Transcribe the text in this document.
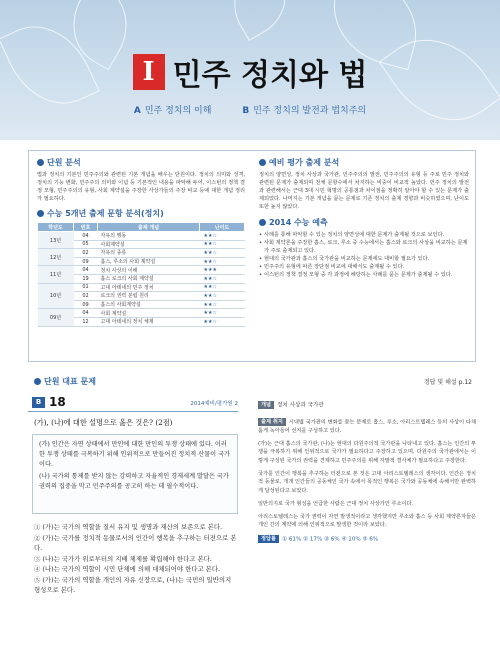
I 민주 정치와 법
A 민주 정치의 이해	B 민주 정치의 발전과 법치주의
단원 분석

법과 정치의 기본인 민주주의와 관련된 기본 개념을 배우는 단원이다. 정치의 의미와 성격, 정치의 기능 변화, 민주주의 의미와 이념 등 기본적인 내용을 파악해 두어, 이스턴의 정책 결정 모형, 민주주의의 유형, 사회 계약설을 주장한 사상가들의 주장 비교 등에 대한 개념 정리가 필요하다.

수능 5개년 출제 문항 분석(정치)
학년도	번호	출제 개념	난이도
13년	04	자유의 행동	★★☆
	05	사회계약설	★★☆
12년	02	자유의 종류	★★☆
	09	홉스, 루소의 사회 계약설	★★☆
11년	04	정치 사상의 이해	★★★
	19	홉스 로크의 사회 계약설	★★☆
10년	01	고대 아테네의 민주 정치	★★☆
	02	로크의 권력 분립 원리	★★☆
	09	홉스의 사회계약설	★★☆
09년	04	사회 계약설	★★☆
	12	고대 아테네의 정치 체제	★★☆
예비 평가 출제 분석

정치의 양면성, 정치 사상과 국가관, 민주주의의 발전, 민주주의의 유형 등 주로 민주 정치와 관련된 문제가 출제되며 전체 문항수에서 차지하는 비중이 비교적 높았다. 민주 정치의 발전과 관련해서는 근대 3대 시민 혁명의 공통점과 차이점을 정확히 알아야 할 수 있는 문제가 출제되었다. 나머지는 기본 개념을 묻는 문제로 기존 정치의 출제 경향과 비슷하였으며, 난이도 또한 높지 않았다.

2014 수능 예측
• 사례를 통해 파악할 수 있는 정치의 양면성에 대한 문제가 출제될 것으로 보인다.
• 사회 계약론을 주장한 홉스, 로크, 루소 중 수능에서는 홉스와 로크의 사상을 비교하는 문제가 주로 출제되고 있다.
• 현대의 국가관과 홉스의 국가관을 비교하는 문제에도 대비할 필요가 있다.
• 민주주의 유형에 따른 장단점 비교에 대해서도 출제될 수 있다.
• 이스턴의 정책 결정 모형 중 각 과정에 해당하는 사례를 묻는 문제가 출제될 수 있다.
단원 대표 문제	정답 및 해설 p.12
B 18	2014예비/평가원 2

(가), (나)에 대한 설명으로 옳은 것은? (2점)

(가) 인간은 자연 상태에서 만인에 대한 만인의 투쟁 상태에 있다. 이러한 투쟁 상태를 극복하기 위해 인위적으로 만들어진 정치적 산물이 국가이다.

(나) 국가의 통제를 받지 않는 강력하고 자율적인 경제세계 발달은 국가 권력의 집중을 막고 민주주의를 공고히 하는 데 필수적이다.

① (가)는 국가의 역할을 질서 유지 및 생명과 재산의 보존으로 본다.
② (가)는 국가를 정치적 동물로서의 인간이 행복을 추구하는 터전으로 본다.
③ (나)는 국가가 위로부터의 지배 체제를 확립해야 한다고 본다.
④ (나)는 국가의 역할이 시민 단체에 의해 대체되어야 한다고 본다.
⑤ (가)는 국가의 역할을 개인의 자유 신장으로, (나)는 국민의 일반의지 형성으로 본다.
개념 정치 사상과 국가관

출제 취지 시대별 국가관의 변화를 묻는 문제로 홉스, 루소, 아리스토텔레스 등의 사상이 다채롭게 녹아들어 선지를 구성하고 있다.

(가)는 근대 홉스의 국가관, (나)는 현대의 다원주의적 국가관을 나타내고 있다. 홉스는 인간의 투쟁을 극복하기 위해 인위적으로 국가가 필요하다고 주장하고 있으며, 다원주의 국가관에서는 이렇게 구성된 국가의 권력을 견제하고 민주주의를 위해 자발적 결사체가 필요하다고 주장한다.

국가를 인간이 행복을 추구하는 터전으로 본 것은 고대 아리스토텔레스의 생각이다. 인간은 정치적 동물로, 개개 인간들의 공동체인 국가 속에서 목적인 행복은 국가와 공동체에 속해서만 완벽하게 달성된다고 보았다.

일반의지로 국가 형성을 언급한 사람은 근대 정치 사상가인 루소이다.

아리스토텔레스는 국가 권력이 자연 발생적이라고 생각했지만 루소와 홉스 등 사회 계약론자들은 개인 간의 계약에 의해 인위적으로 발생한 것이라 보았다.

정답률 ① 61% ② 17% ③ 6% ④ 10% ⑤ 6%
